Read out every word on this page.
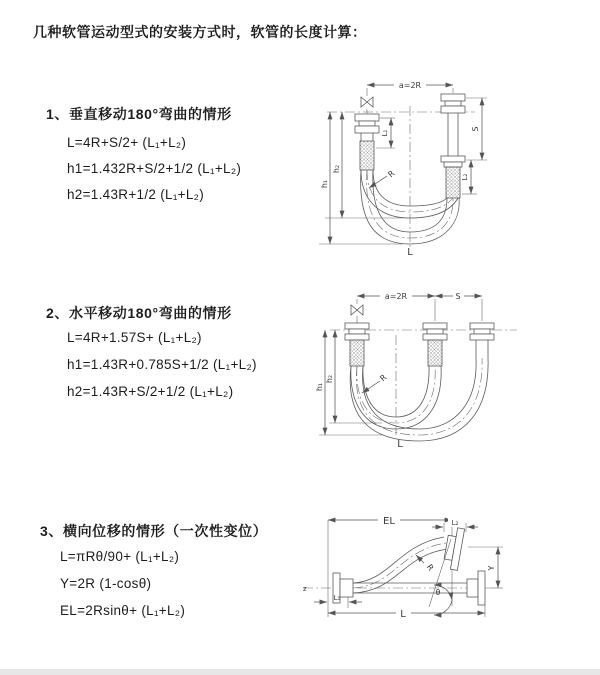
几种软管运动型式的安装方式时，软管的长度计算：
1、垂直移动180°弯曲的情形
L=4R+S/2+ (L₁+L₂)
h1=1.432R+S/2+1/2 (L₁+L₂)
h2=1.43R+1/2 (L₁+L₂)
2、水平移动180°弯曲的情形
L=4R+1.57S+ (L₁+L₂)
h1=1.43R+0.785S+1/2 (L₁+L₂)
h2=1.43R+S/2+1/2 (L₁+L₂)
3、横向位移的情形（一次性变位）
L=πRθ/90+ (L₁+L₂)
Y=2R (1-cosθ)
EL=2Rsinθ+ (L₁+L₂)
a=2R
h₂
h₁
L₁
S
L₂
R
L
a=2R	S
h₂
h₁
R
L
EL	L₂
z	θ
R	Y
L₁
L
